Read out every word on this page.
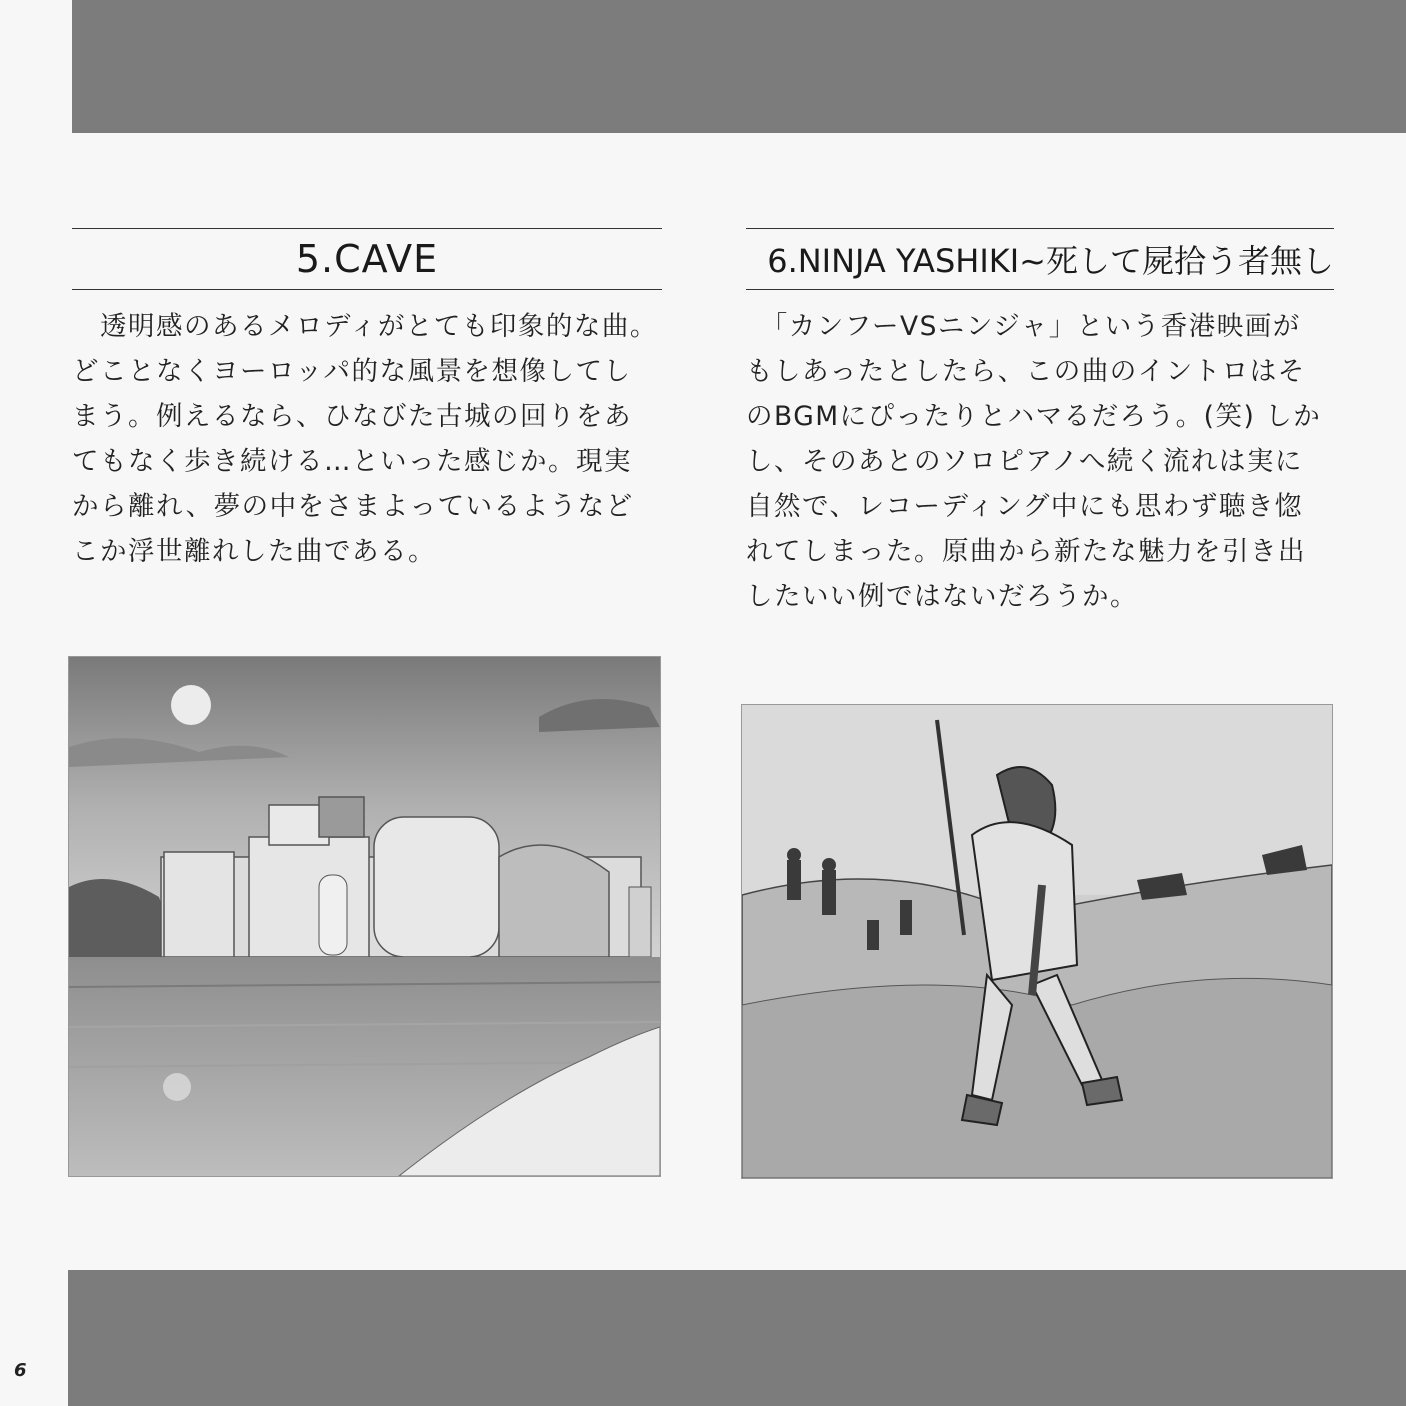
5.CAVE
　透明感のあるメロディがとても印象的な曲。
どことなくヨーロッパ的な風景を想像してし
まう。例えるなら、ひなびた古城の回りをあ
てもなく歩き続ける…といった感じか。現実
から離れ、夢の中をさまよっているようなど
こか浮世離れした曲である。
6.NINJA YASHIKI~死して屍拾う者無し
　「カンフーVSニンジャ」という香港映画が
もしあったとしたら、この曲のイントロはそ
のBGMにぴったりとハマるだろう。(笑) しか
し、そのあとのソロピアノへ続く流れは実に
自然で、レコーディング中にも思わず聴き惚
れてしまった。原曲から新たな魅力を引き出
したいい例ではないだろうか。
6
